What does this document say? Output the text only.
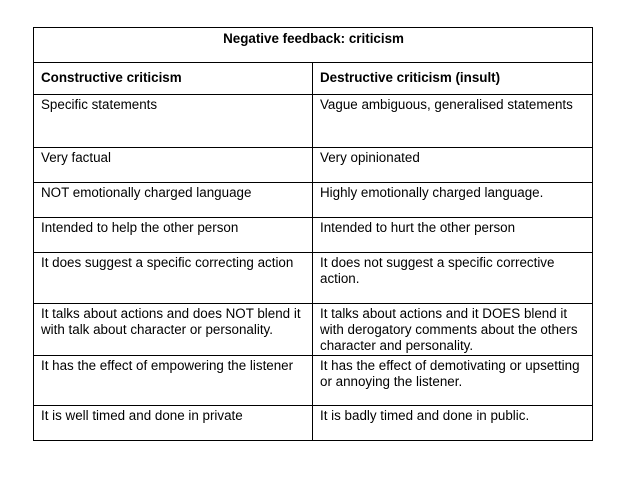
Negative feedback: criticism	
Constructive criticism	Destructive criticism (insult)
Specific statements	Vague ambiguous, generalised statements
Very factual	Very opinionated
NOT emotionally charged language	Highly emotionally charged language.
Intended to help the other person	Intended to hurt the other person
It does suggest a specific correcting action	It does not suggest a specific corrective action.
It talks about actions and does NOT blend it with talk about character or personality.	It talks about actions and it DOES blend it with derogatory comments about the others character and personality.
It has the effect of empowering the listener	It has the effect of demotivating or upsetting or annoying the listener.
It is well timed and done in private	It is badly timed and done in public.
